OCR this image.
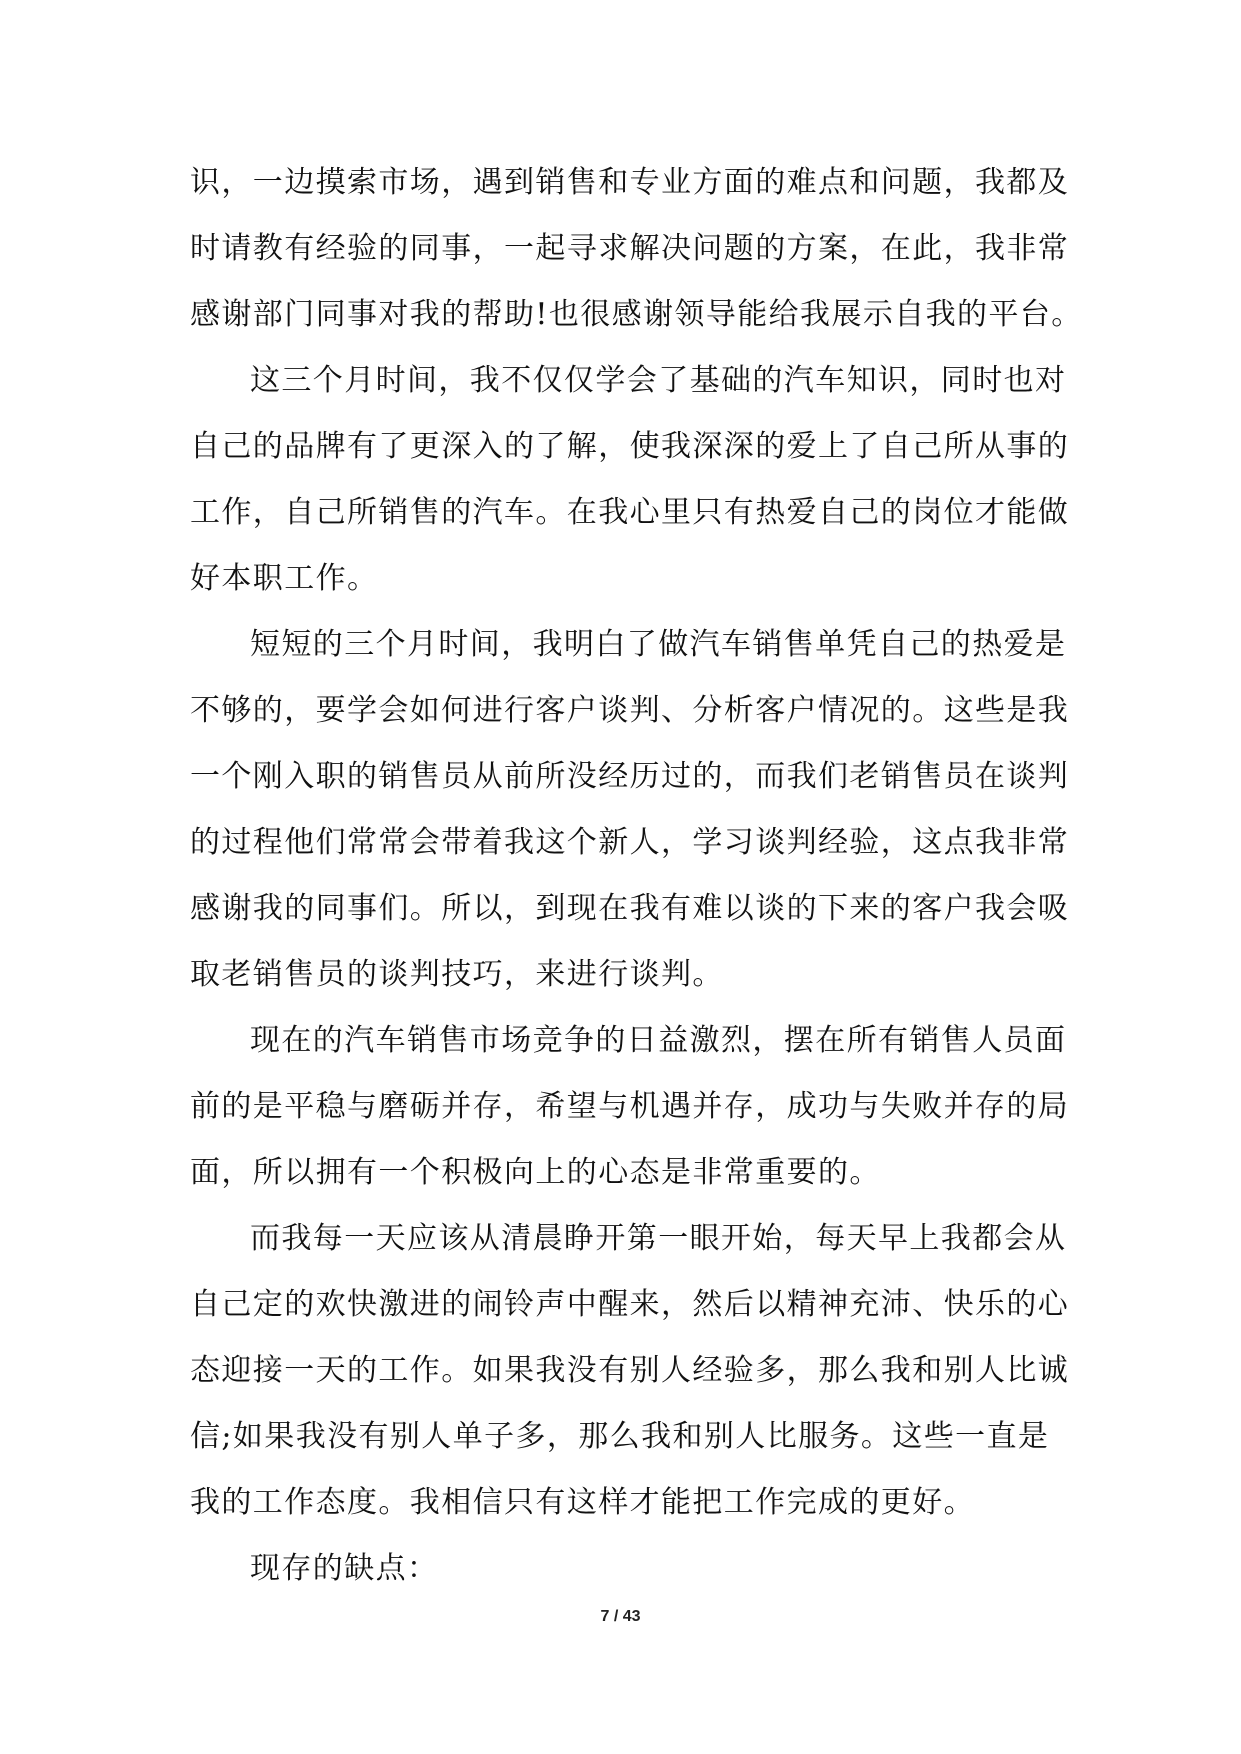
识，一边摸索市场，遇到销售和专业方面的难点和问题，我都及
时请教有经验的同事，一起寻求解决问题的方案，在此，我非常
感谢部门同事对我的帮助!也很感谢领导能给我展示自我的平台。
这三个月时间，我不仅仅学会了基础的汽车知识，同时也对
自己的品牌有了更深入的了解，使我深深的爱上了自己所从事的
工作，自己所销售的汽车。在我心里只有热爱自己的岗位才能做
好本职工作。
短短的三个月时间，我明白了做汽车销售单凭自己的热爱是
不够的，要学会如何进行客户谈判、分析客户情况的。这些是我
一个刚入职的销售员从前所没经历过的，而我们老销售员在谈判
的过程他们常常会带着我这个新人，学习谈判经验，这点我非常
感谢我的同事们。所以，到现在我有难以谈的下来的客户我会吸
取老销售员的谈判技巧，来进行谈判。
现在的汽车销售市场竞争的日益激烈，摆在所有销售人员面
前的是平稳与磨砺并存，希望与机遇并存，成功与失败并存的局
面，所以拥有一个积极向上的心态是非常重要的。
而我每一天应该从清晨睁开第一眼开始，每天早上我都会从
自己定的欢快激进的闹铃声中醒来，然后以精神充沛、快乐的心
态迎接一天的工作。如果我没有别人经验多，那么我和别人比诚
信;如果我没有别人单子多，那么我和别人比服务。这些一直是
我的工作态度。我相信只有这样才能把工作完成的更好。
现存的缺点：
7 / 43
